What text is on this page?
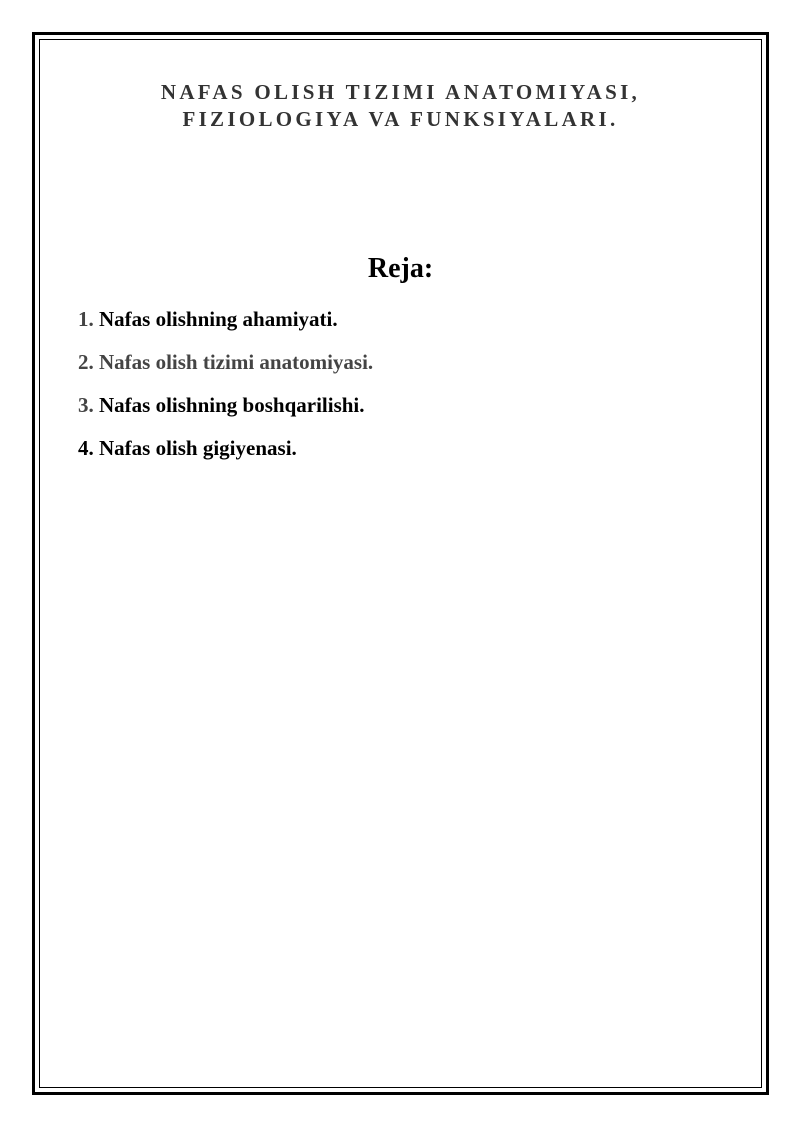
NAFAS OLISH TIZIMI ANATOMIYASI,
FIZIOLOGIYA VA FUNKSIYALARI.
Reja:
1. Nafas olishning ahamiyati.
2. Nafas olish tizimi anatomiyasi.
3. Nafas olishning boshqarilishi.
4. Nafas olish gigiyenasi.
